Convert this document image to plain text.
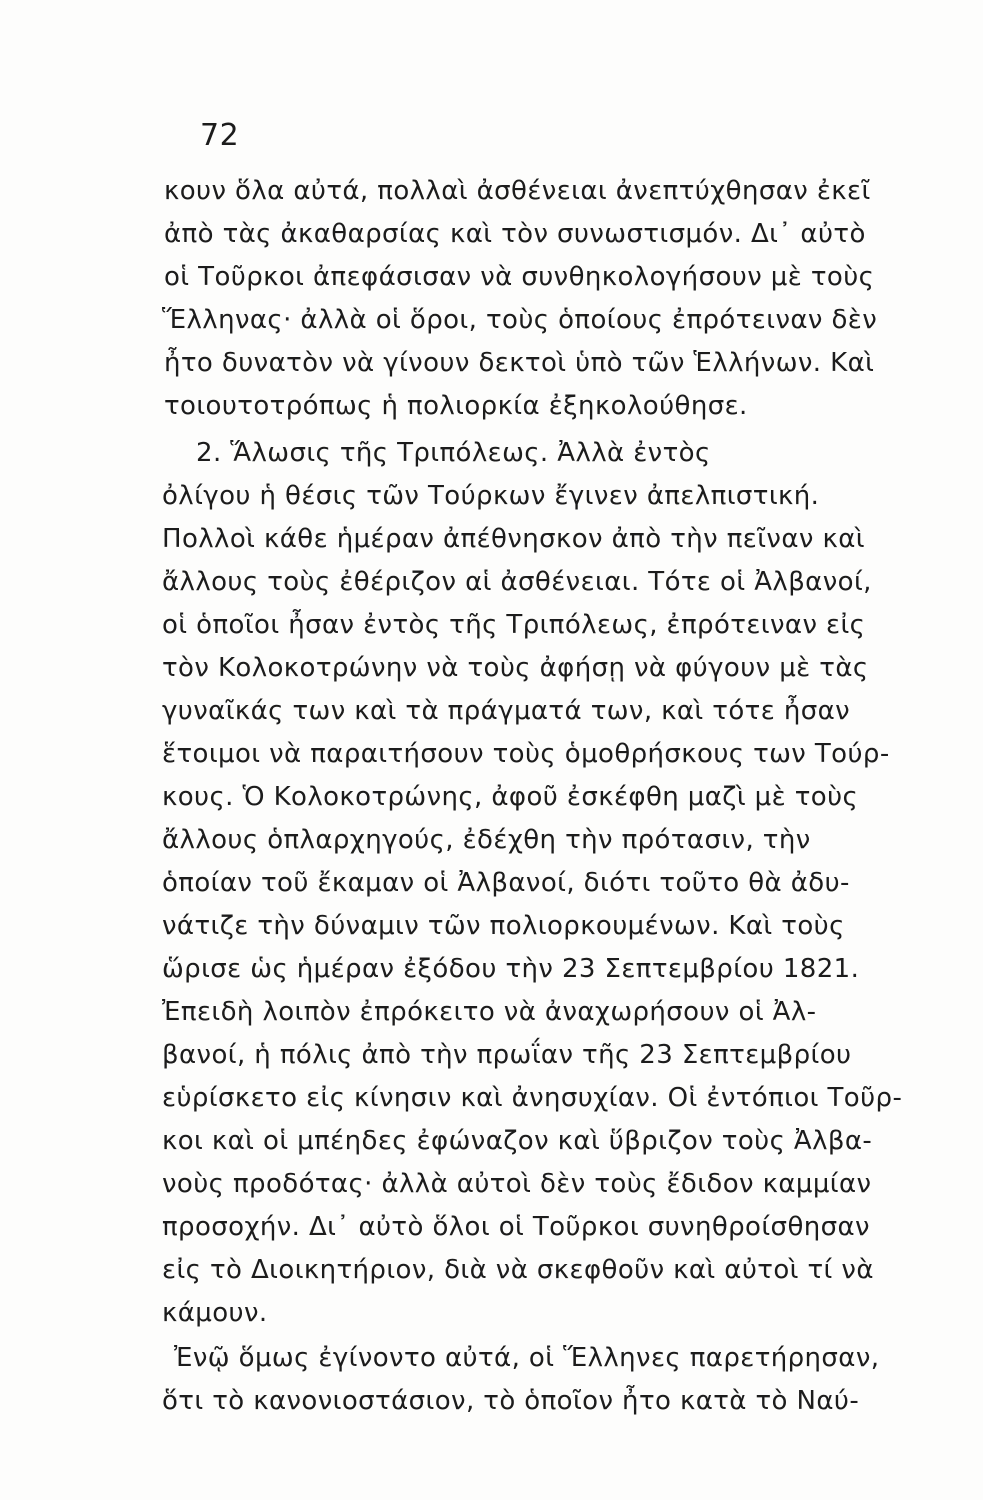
72
κουν ὅλα αὐτά, πολλαὶ ἀσθένειαι ἀνεπτύχθησαν ἐκεῖ
ἀπὸ τὰς ἀκαθαρσίας καὶ τὸν συνωστισμόν. Δι᾽ αὐτὸ
οἱ Τοῦρκοι ἀπεφάσισαν νὰ συνθηκολογήσουν μὲ τοὺς
Ἕλληνας· ἀλλὰ οἱ ὅροι, τοὺς ὁποίους ἐπρότειναν δὲν
ἦτο δυνατὸν νὰ γίνουν δεκτοὶ ὑπὸ τῶν Ἑλλήνων. Καὶ
τοιουτοτρόπως ἡ πολιορκία ἐξηκολούθησε.
2. Ἅλωσις τῆς Τριπόλεως. Ἀλλὰ ἐντὸς
ὀλίγου ἡ θέσις τῶν Τούρκων ἔγινεν ἀπελπιστική.
Πολλοὶ κάθε ἡμέραν ἀπέθνησκον ἀπὸ τὴν πεῖναν καὶ
ἄλλους τοὺς ἐθέριζον αἱ ἀσθένειαι. Τότε οἱ Ἀλβανοί,
οἱ ὁποῖοι ἦσαν ἐντὸς τῆς Τριπόλεως, ἐπρότειναν εἰς
τὸν Κολοκοτρώνην νὰ τοὺς ἀφήσῃ νὰ φύγουν μὲ τὰς
γυναῖκάς των καὶ τὰ πράγματά των, καὶ τότε ἦσαν
ἕτοιμοι νὰ παραιτήσουν τοὺς ὁμοθρήσκους των Τούρ-
κους. Ὁ Κολοκοτρώνης, ἀφοῦ ἐσκέφθη μαζὶ μὲ τοὺς
ἄλλους ὁπλαρχηγούς, ἐδέχθη τὴν πρότασιν, τὴν
ὁποίαν τοῦ ἔκαμαν οἱ Ἀλβανοί, διότι τοῦτο θὰ ἀδυ-
νάτιζε τὴν δύναμιν τῶν πολιορκουμένων. Καὶ τοὺς
ὥρισε ὡς ἡμέραν ἐξόδου τὴν 23 Σεπτεμβρίου 1821.
Ἐπειδὴ λοιπὸν ἐπρόκειτο νὰ ἀναχωρήσουν οἱ Ἀλ-
βανοί, ἡ πόλις ἀπὸ τὴν πρωΐαν τῆς 23 Σεπτεμβρίου
εὑρίσκετο εἰς κίνησιν καὶ ἀνησυχίαν. Οἱ ἐντόπιοι Τοῦρ-
κοι καὶ οἱ μπέηδες ἐφώναζον καὶ ὕβριζον τοὺς Ἀλβα-
νοὺς προδότας· ἀλλὰ αὐτοὶ δὲν τοὺς ἔδιδον καμμίαν
προσοχήν. Δι᾽ αὐτὸ ὅλοι οἱ Τοῦρκοι συνηθροίσθησαν
εἰς τὸ Διοικητήριον, διὰ νὰ σκεφθοῦν καὶ αὐτοὶ τί νὰ
κάμουν.
Ἐνῷ ὅμως ἐγίνοντο αὐτά, οἱ Ἕλληνες παρετήρησαν,
ὅτι τὸ κανονιοστάσιον, τὸ ὁποῖον ἦτο κατὰ τὸ Ναύ-
